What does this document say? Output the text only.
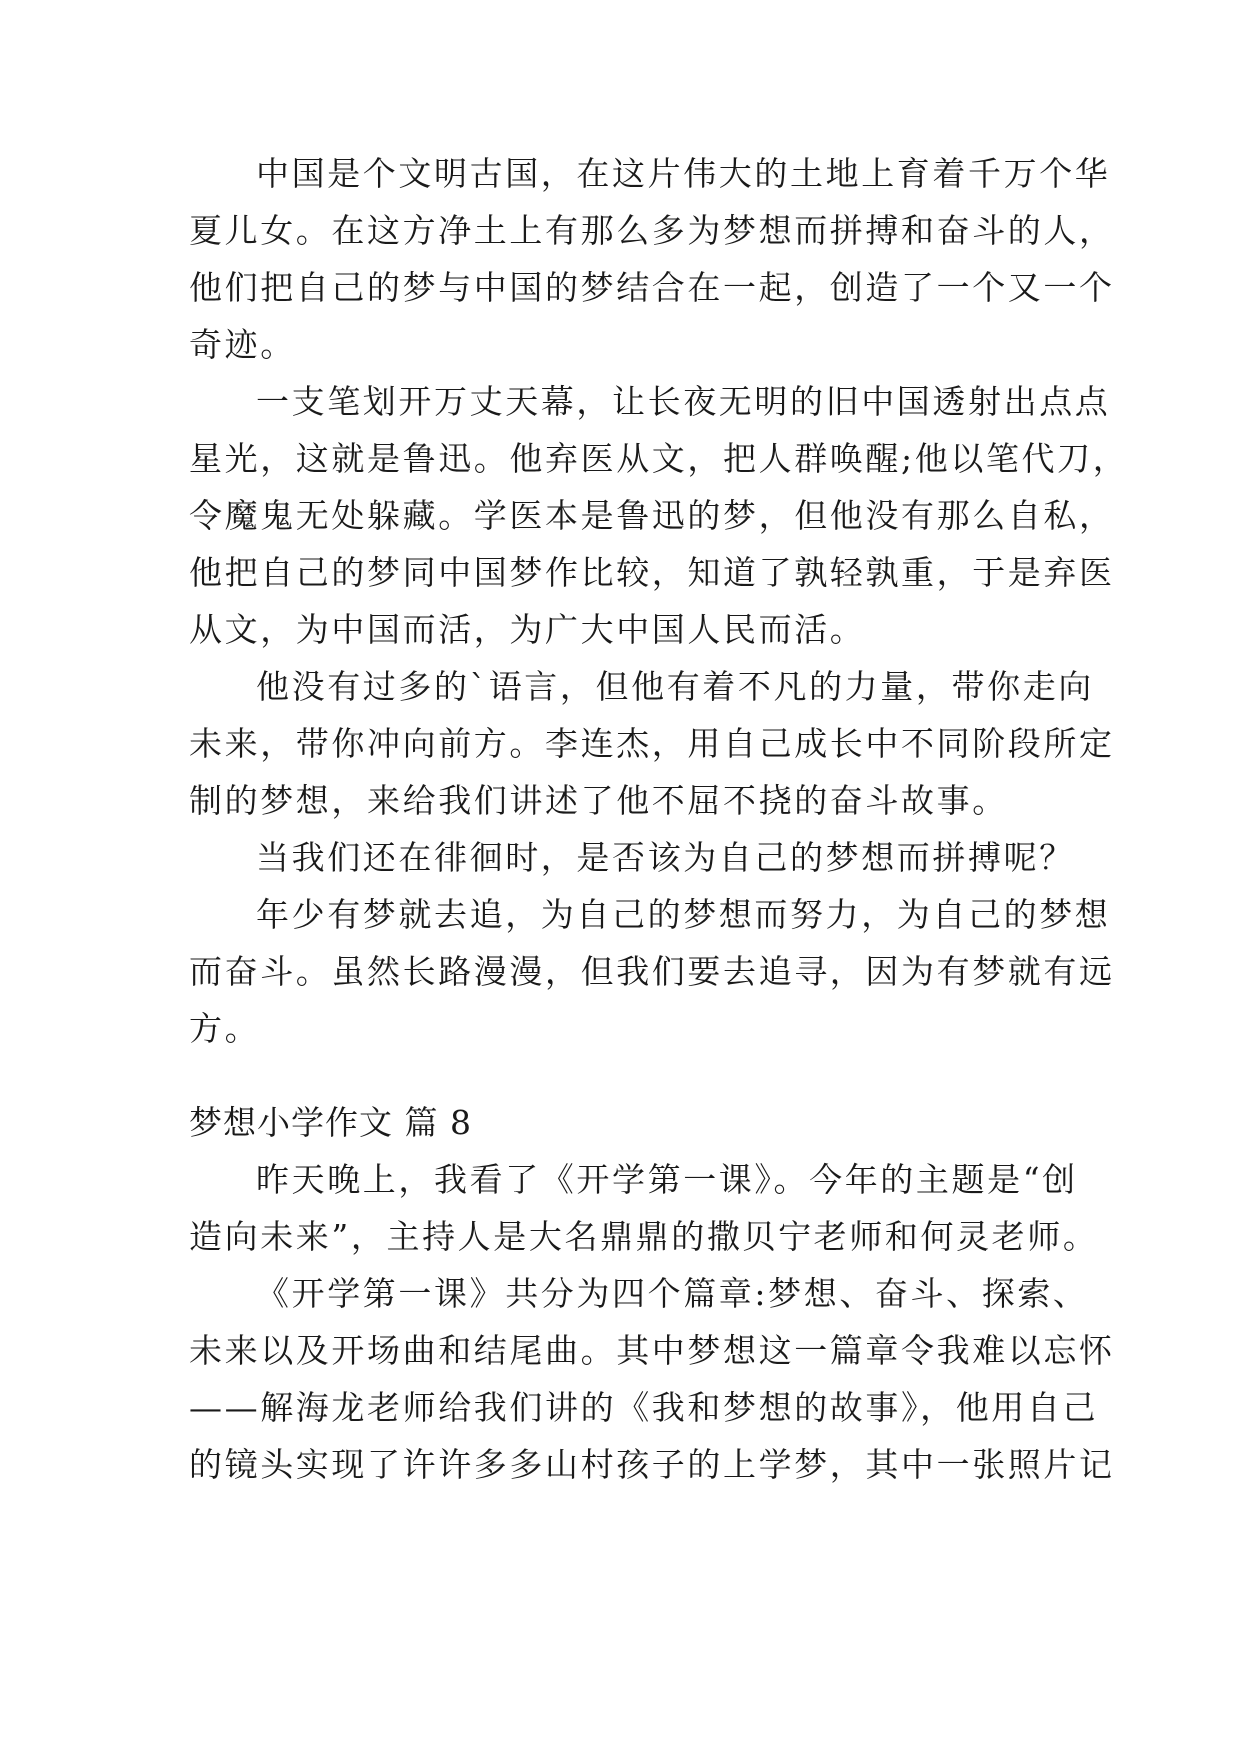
中国是个文明古国，在这片伟大的土地上育着千万个华
夏儿女。在这方净土上有那么多为梦想而拼搏和奋斗的人，
他们把自己的梦与中国的梦结合在一起，创造了一个又一个
奇迹。
一支笔划开万丈天幕，让长夜无明的旧中国透射出点点
星光，这就是鲁迅。他弃医从文，把人群唤醒;他以笔代刀，
令魔鬼无处躲藏。学医本是鲁迅的梦，但他没有那么自私，
他把自己的梦同中国梦作比较，知道了孰轻孰重，于是弃医
从文，为中国而活，为广大中国人民而活。
他没有过多的`语言，但他有着不凡的力量，带你走向
未来，带你冲向前方。李连杰，用自己成长中不同阶段所定
制的梦想，来给我们讲述了他不屈不挠的奋斗故事。
当我们还在徘徊时，是否该为自己的梦想而拼搏呢？
年少有梦就去追，为自己的梦想而努力，为自己的梦想
而奋斗。虽然长路漫漫，但我们要去追寻，因为有梦就有远
方。
梦想小学作文 篇 8
昨天晚上，我看了《开学第一课》。今年的主题是“创
造向未来”，主持人是大名鼎鼎的撒贝宁老师和何灵老师。
《开学第一课》共分为四个篇章:梦想、奋斗、探索、
未来以及开场曲和结尾曲。其中梦想这一篇章令我难以忘怀
——解海龙老师给我们讲的《我和梦想的故事》，他用自己
的镜头实现了许许多多山村孩子的上学梦，其中一张照片记
